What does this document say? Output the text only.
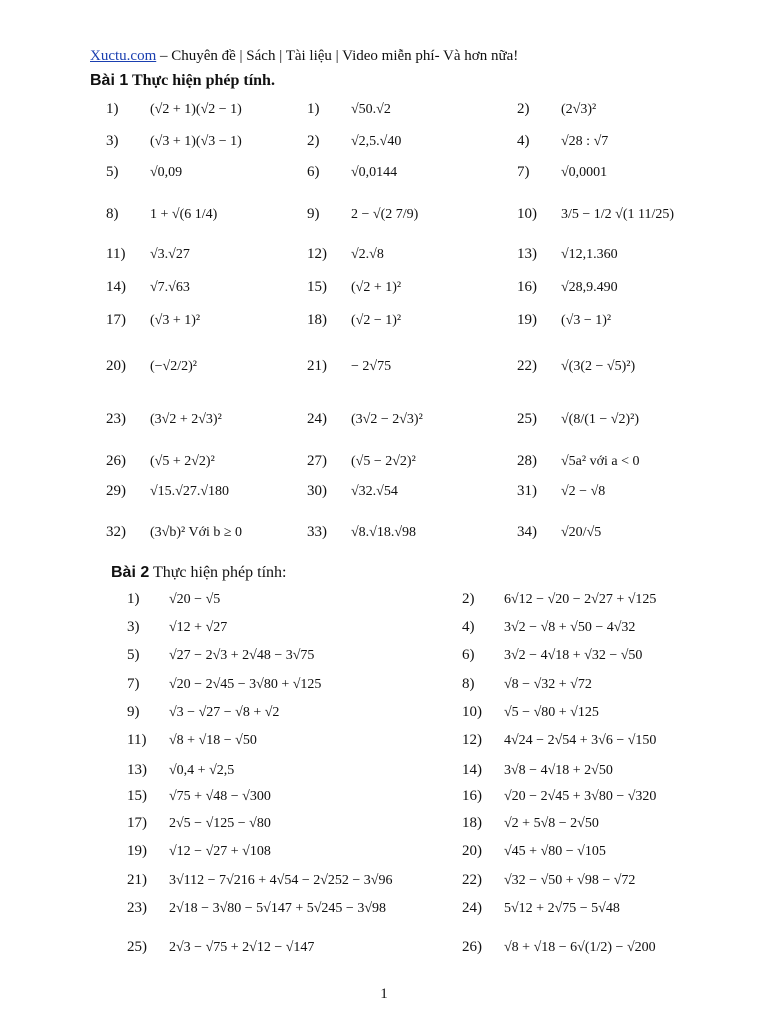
Xuctu.com – Chuyên đề | Sách | Tài liệu | Video miễn phí- Và hơn nữa!
Bài 1 Thực hiện phép tính.
1) (√2 + 1)(√2 − 1)	1) √50.√2	2) (2√3)²
3) (√3 + 1)(√3 − 1)	2) √2,5.√40	4) √28 : √7
5) √0,09	6) √0,0144	7) √0,0001
8) 1 + √(6 1/4)	9) 2 − √(2 7/9)	10) 3/5 − 1/2 √(1 11/25)
11) √3.√27	12) √2.√8	13) √12,1.360
14) √7.√63	15) (√2 + 1)²	16) √28,9.490
17) (√3 + 1)²	18) (√2 − 1)²	19) (√3 − 1)²
20) (−√2/2)²	21) − 2√75	22) √(3(2 − √5)²)
23) (3√2 + 2√3)²	24) (3√2 − 2√3)²	25) √(8/(1 − √2)²)
26) (√5 + 2√2)²	27) (√5 − 2√2)²	28) √5a² với a < 0
29) √15.√27.√180	30) √32.√54	31) √2 − √8
32) (3√b)² Với b ≥ 0	33) √8.√18.√98	34) √20/√5
Bài 2 Thực hiện phép tính:
1) √20 − √5	2) 6√12 − √20 − 2√27 + √125
3) √12 + √27	4) 3√2 − √8 + √50 − 4√32
5) √27 − 2√3 + 2√48 − 3√75	6) 3√2 − 4√18 + √32 − √50
7) √20 − 2√45 − 3√80 + √125	8) √8 − √32 + √72
9) √3 − √27 − √8 + √2	10) √5 − √80 + √125
11) √8 + √18 − √50	12) 4√24 − 2√54 + 3√6 − √150
13) √0,4 + √2,5	14) 3√8 − 4√18 + 2√50
15) √75 + √48 − √300	16) √20 − 2√45 + 3√80 − √320
17) 2√5 − √125 − √80	18) √2 + 5√8 − 2√50
19) √12 − √27 + √108	20) √45 + √80 − √105
21) 3√112 − 7√216 + 4√54 − 2√252 − 3√96	22) √32 − √50 + √98 − √72
23) 2√18 − 3√80 − 5√147 + 5√245 − 3√98	24) 5√12 + 2√75 − 5√48
25) 2√3 − √75 + 2√12 − √147	26) √8 + √18 − 6√(1/2) − √200
1
